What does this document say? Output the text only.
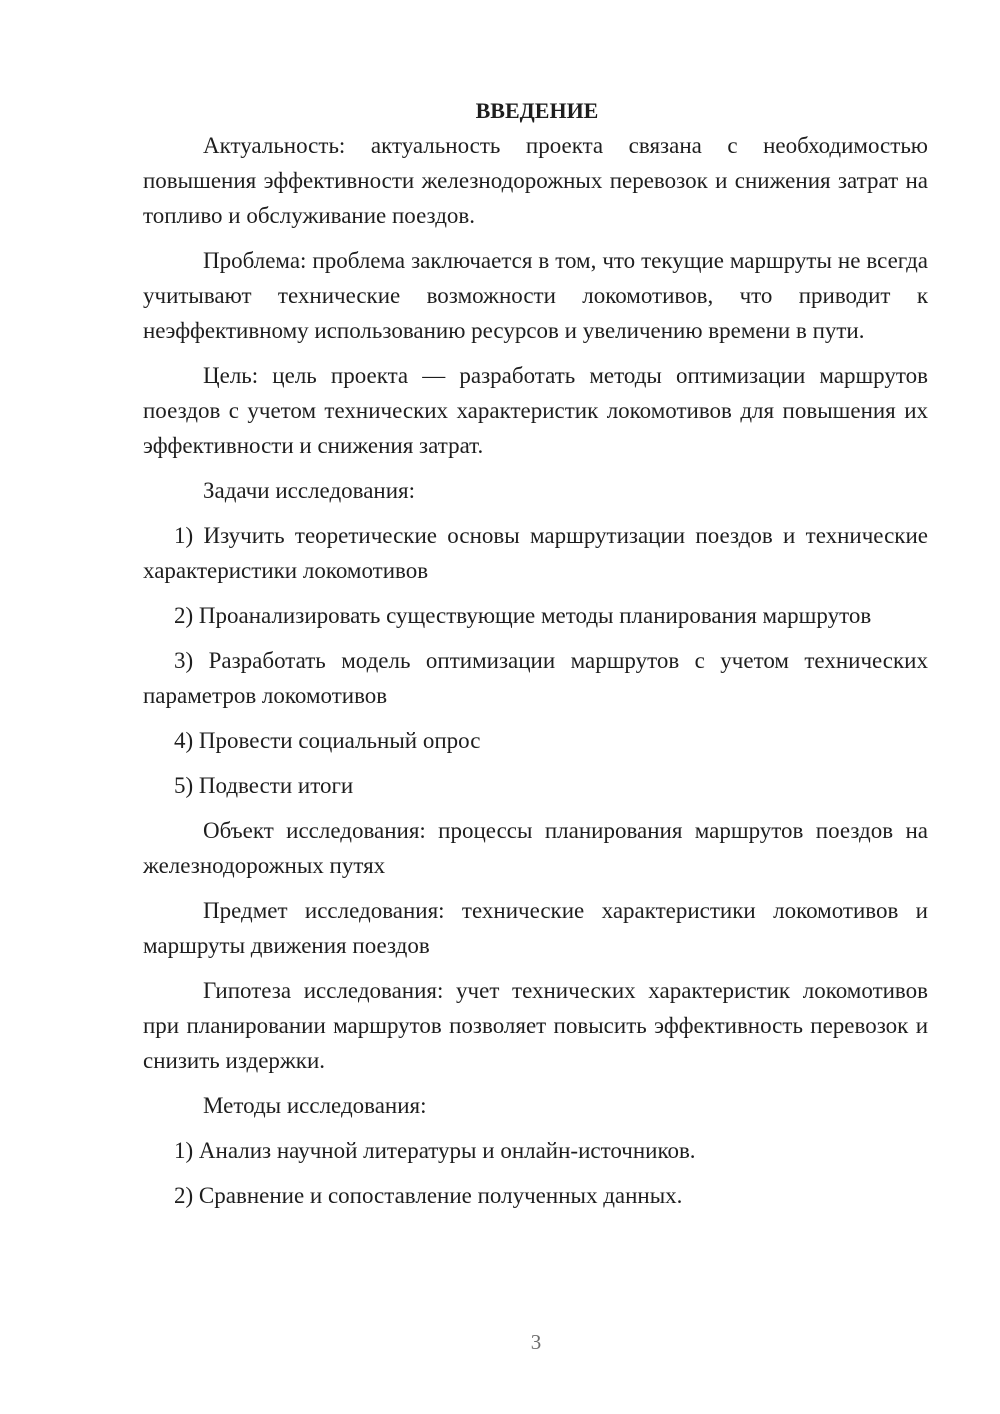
ВВЕДЕНИЕ

Актуальность: актуальность проекта связана с необходимостью повышения эффективности железнодорожных перевозок и снижения затрат на топливо и обслуживание поездов.

Проблема: проблема заключается в том, что текущие маршруты не всегда учитывают технические возможности локомотивов, что приводит к неэффективному использованию ресурсов и увеличению времени в пути.

Цель: цель проекта — разработать методы оптимизации маршрутов поездов с учетом технических характеристик локомотивов для повышения их эффективности и снижения затрат.

Задачи исследования:

1) Изучить теоретические основы маршрутизации поездов и технические характеристики локомотивов

2) Проанализировать существующие методы планирования маршрутов

3) Разработать модель оптимизации маршрутов с учетом технических параметров локомотивов

4) Провести социальный опрос

5) Подвести итоги

Объект исследования: процессы планирования маршрутов поездов на железнодорожных путях

Предмет исследования: технические характеристики локомотивов и маршруты движения поездов

Гипотеза исследования: учет технических характеристик локомотивов при планировании маршрутов позволяет повысить эффективность перевозок и снизить издержки.

Методы исследования:

1) Анализ научной литературы и онлайн-источников.

2) Сравнение и сопоставление полученных данных.

3
